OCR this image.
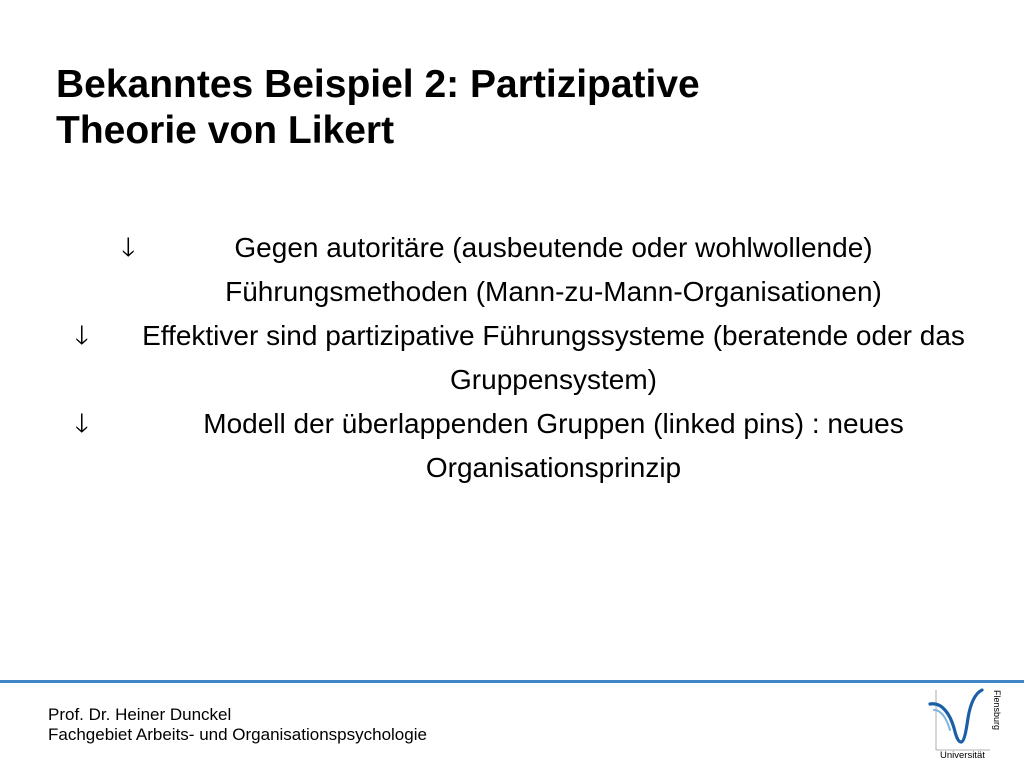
Bekanntes Beispiel 2: Partizipative
Theorie von Likert
🡓	Gegen autoritäre (ausbeutende oder wohlwollende) Führungsmethoden (Mann-zu-Mann-Organisationen)
🡓	Effektiver sind partizipative Führungssysteme (beratende oder das Gruppensystem)
🡓	Modell der überlappenden Gruppen (linked pins) : neues Organisationsprinzip
Prof. Dr. Heiner Dunckel
Fachgebiet Arbeits- und Organisationspsychologie
Flensburg
Universität
